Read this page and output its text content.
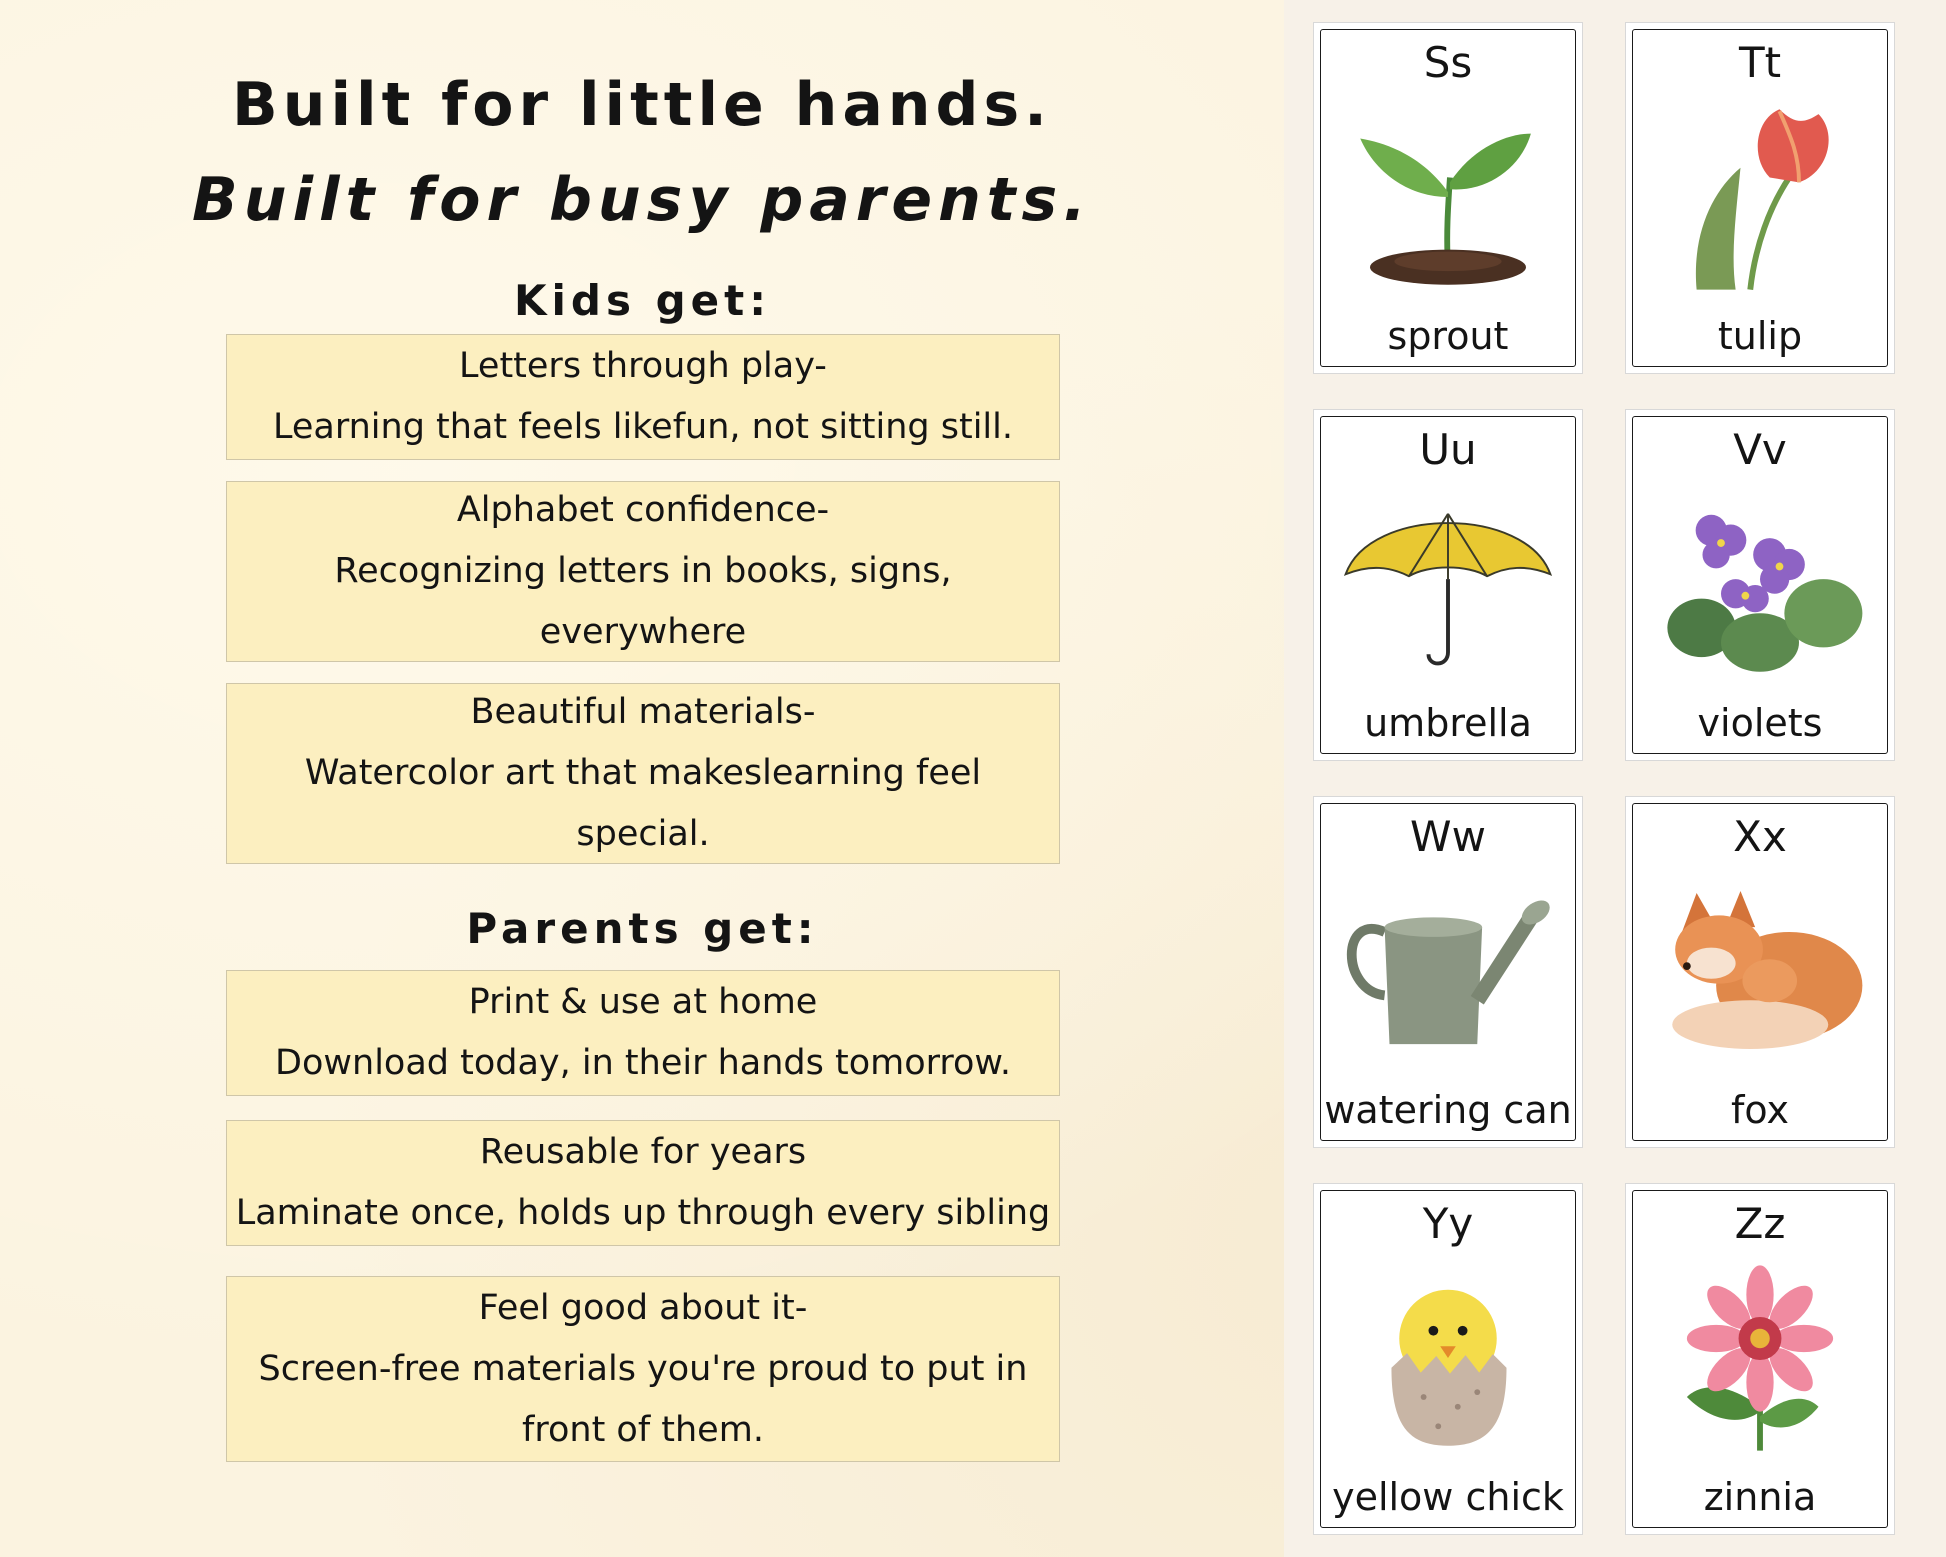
Built for little hands.
Built for busy parents.
Kids get:
Letters through play-
Learning that feels likefun, not sitting still.
Alphabet confidence-
Recognizing letters in books, signs,
everywhere
Beautiful materials-
Watercolor art that makeslearning feel
special.
Parents get:
Print & use at home
Download today, in their hands tomorrow.
Reusable for years
Laminate once, holds up through every sibling
Feel good about it-
Screen-free materials you're proud to put in
front of them.
Ss
sprout
Tt
tulip
Uu
umbrella
Vv
violets
Ww
watering can
Xx
fox
Yy
yellow chick
Zz
zinnia
